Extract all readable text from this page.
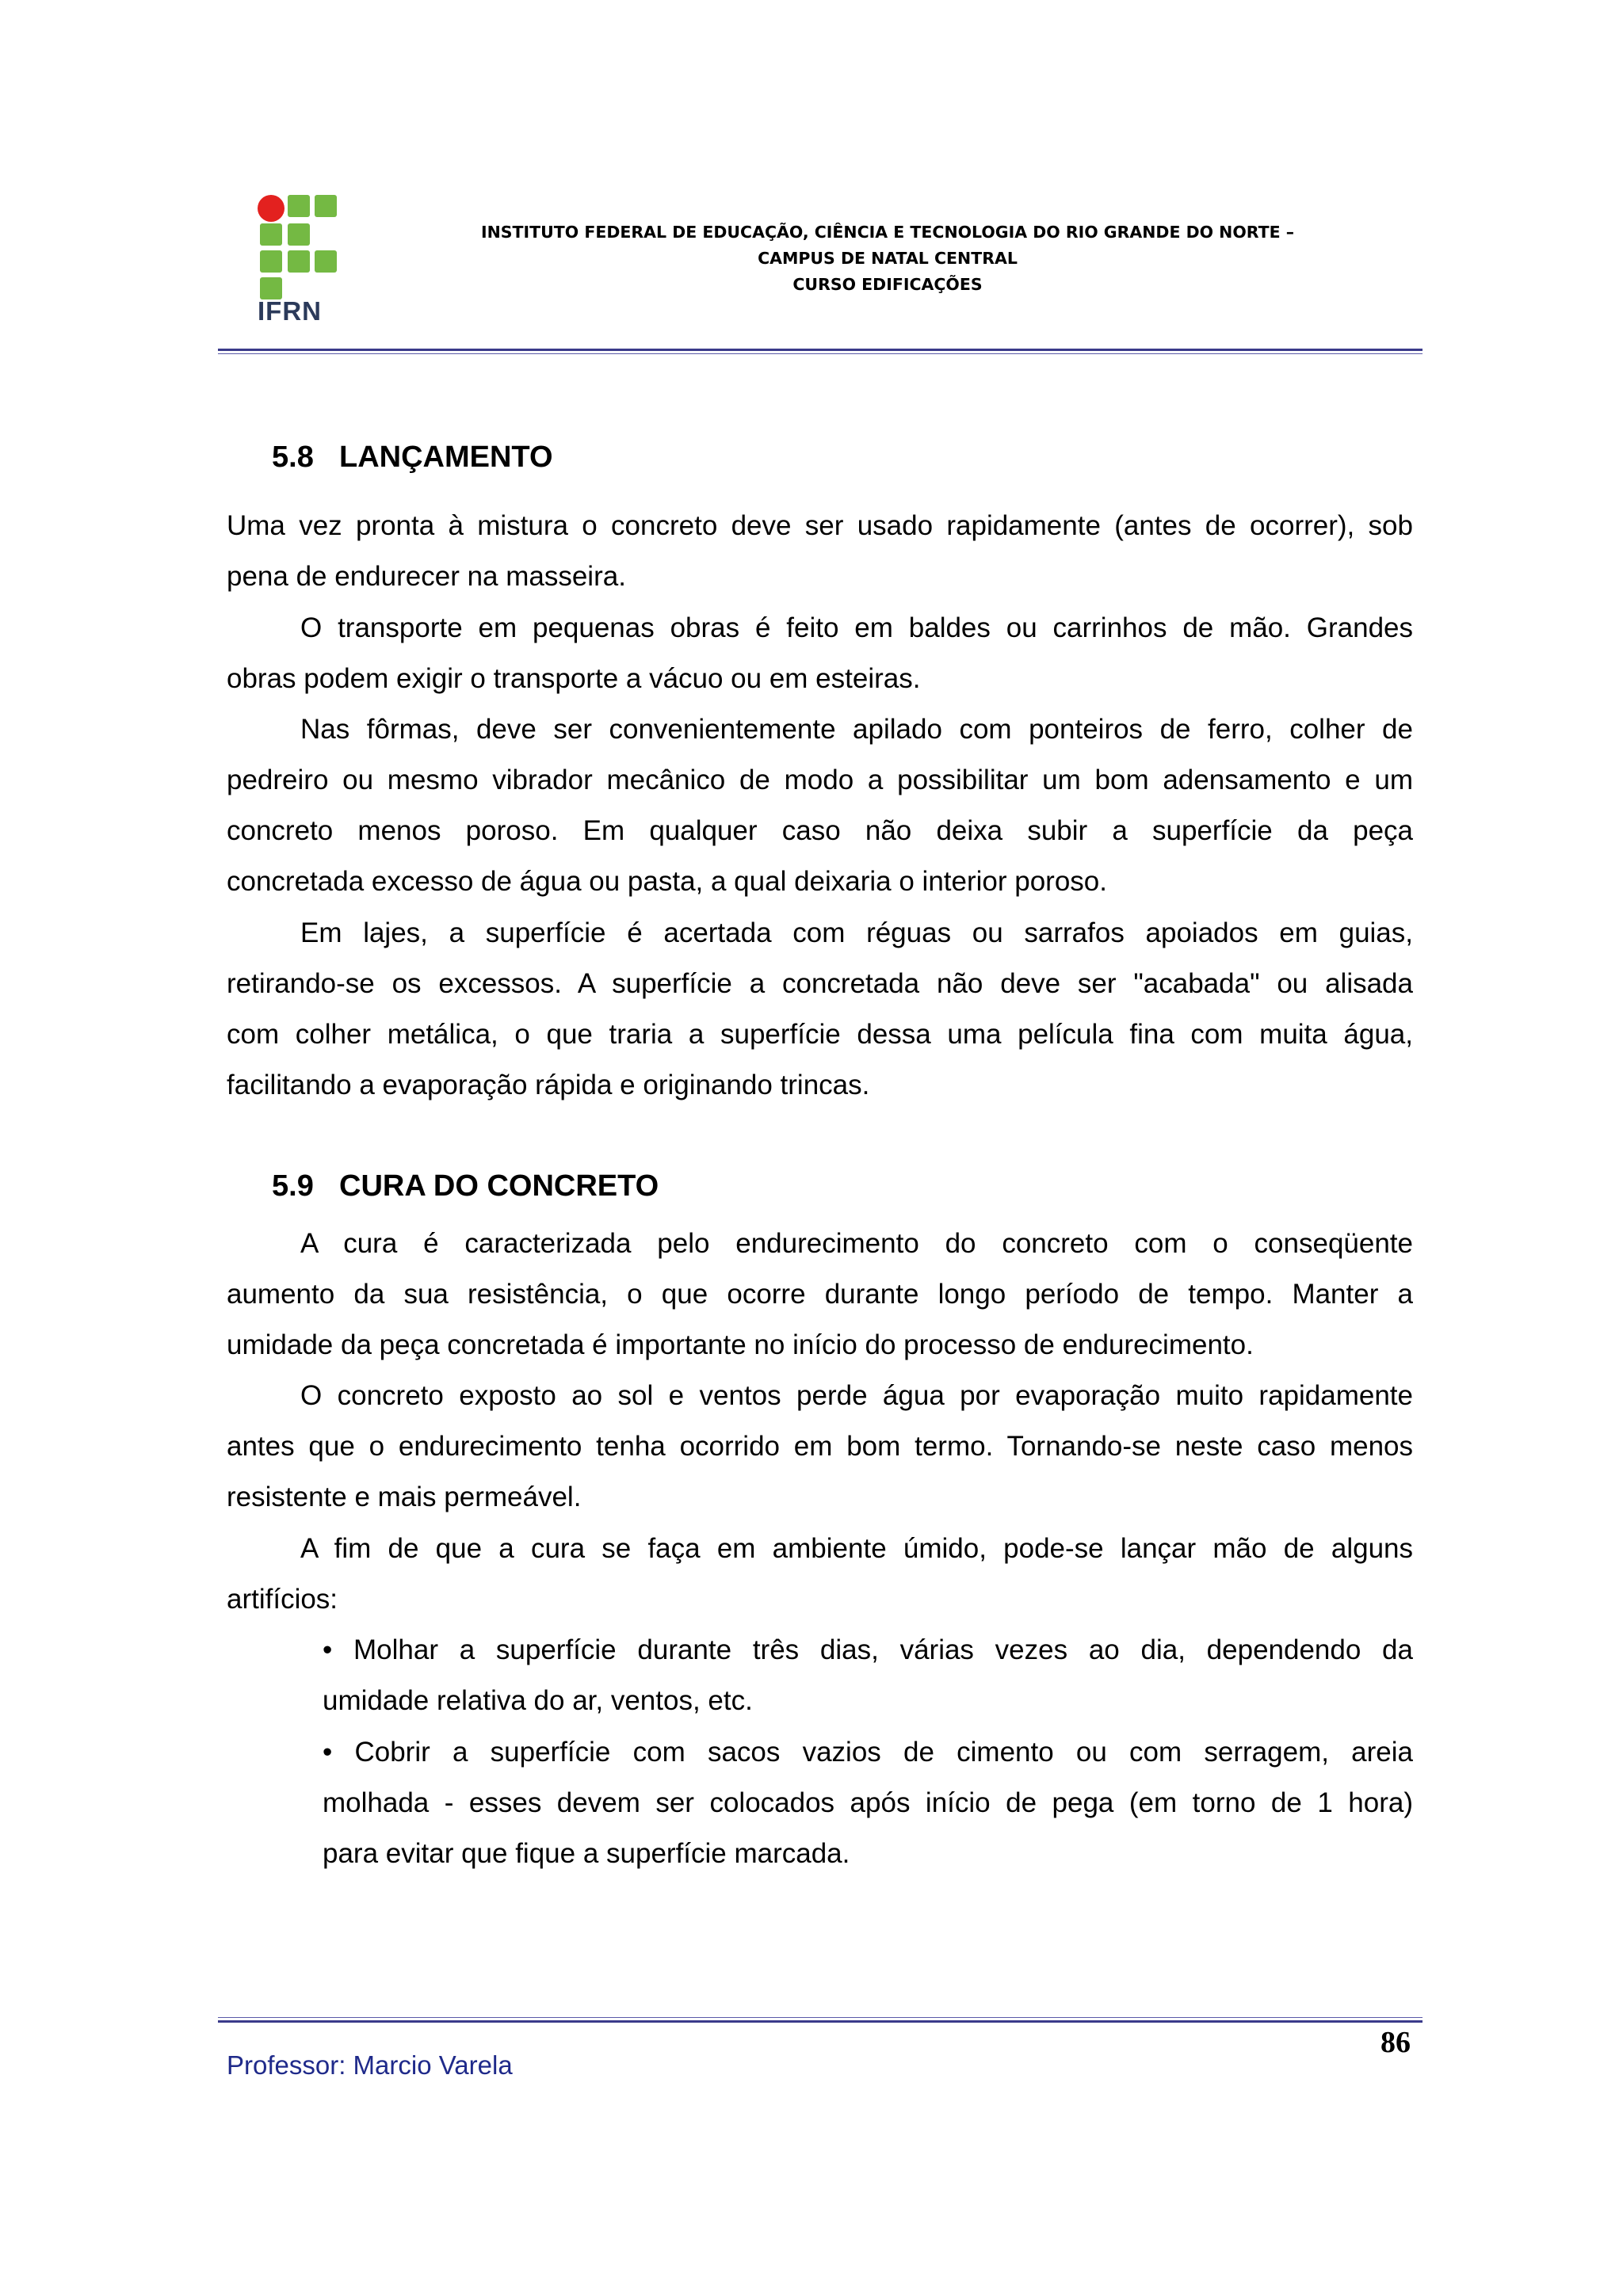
IFRN
INSTITUTO FEDERAL DE EDUCAÇÃO, CIÊNCIA E TECNOLOGIA DO RIO GRANDE DO NORTE –
CAMPUS DE NATAL CENTRAL
CURSO EDIFICAÇÕES
5.8 LANÇAMENTO
Uma vez pronta à mistura o concreto deve ser usado rapidamente (antes de ocorrer), sob
pena de endurecer na masseira.
O transporte em pequenas obras é feito em baldes ou carrinhos de mão. Grandes
obras podem exigir o transporte a vácuo ou em esteiras.
Nas fôrmas, deve ser convenientemente apilado com ponteiros de ferro, colher de
pedreiro ou mesmo vibrador mecânico de modo a possibilitar um bom adensamento e um
concreto menos poroso. Em qualquer caso não deixa subir a superfície da peça
concretada excesso de água ou pasta, a qual deixaria o interior poroso.
Em lajes, a superfície é acertada com réguas ou sarrafos apoiados em guias,
retirando-se os excessos. A superfície a concretada não deve ser "acabada" ou alisada
com colher metálica, o que traria a superfície dessa uma película fina com muita água,
facilitando a evaporação rápida e originando trincas.
5.9 CURA DO CONCRETO
A cura é caracterizada pelo endurecimento do concreto com o conseqüente
aumento da sua resistência, o que ocorre durante longo período de tempo. Manter a
umidade da peça concretada é importante no início do processo de endurecimento.
O concreto exposto ao sol e ventos perde água por evaporação muito rapidamente
antes que o endurecimento tenha ocorrido em bom termo. Tornando-se neste caso menos
resistente e mais permeável.
A fim de que a cura se faça em ambiente úmido, pode-se lançar mão de alguns
artifícios:
• Molhar a superfície durante três dias, várias vezes ao dia, dependendo da
umidade relativa do ar, ventos, etc.
• Cobrir a superfície com sacos vazios de cimento ou com serragem, areia
molhada - esses devem ser colocados após início de pega (em torno de 1 hora)
para evitar que fique a superfície marcada.
86
Professor: Marcio Varela
